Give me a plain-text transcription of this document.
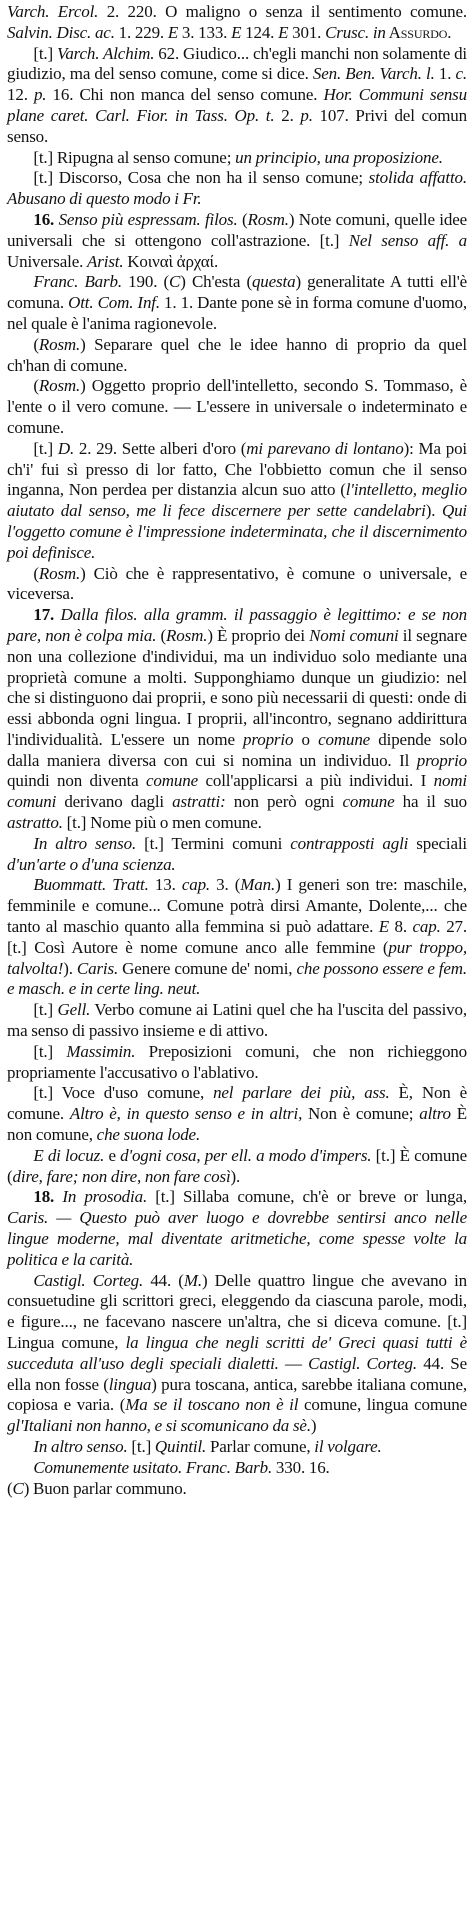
Varch. Ercol. 2. 220. O maligno o senza il sentimento comune. Salvin. Disc. ac. 1. 229. E 3. 133. E 124. E 301. Crusc. in Assurdo.

[t.] Varch. Alchim. 62. Giudico... ch'egli manchi non solamente di giudizio, ma del senso comune, come si dice. Sen. Ben. Varch. l. 1. c. 12. p. 16. Chi non manca del senso comune. Hor. Communi sensu plane caret. Carl. Fior. in Tass. Op. t. 2. p. 107. Privi del comun senso.

[t.] Ripugna al senso comune; un principio, una proposizione.

[t.] Discorso, Cosa che non ha il senso comune; stolida affatto. Abusano di questo modo i Fr.

16. Senso più espressam. filos. (Rosm.) Note comuni, quelle idee universali che si ottengono coll'astrazione. [t.] Nel senso aff. a Universale. Arist. Κοιναὶ ἀρχαί.

Franc. Barb. 190. (C) Ch'esta (questa) generalitate A tutti ell'è comuna. Ott. Com. Inf. 1. 1. Dante pone sè in forma comune d'uomo, nel quale è l'anima ragionevole.

(Rosm.) Separare quel che le idee hanno di proprio da quel ch'han di comune.

(Rosm.) Oggetto proprio dell'intelletto, secondo S. Tommaso, è l'ente o il vero comune. — L'essere in universale o indeterminato e comune.

[t.] D. 2. 29. Sette alberi d'oro (mi parevano di lontano): Ma poi ch'i' fui sì presso di lor fatto, Che l'obbietto comun che il senso inganna, Non perdea per distanzia alcun suo atto (l'intelletto, meglio aiutato dal senso, me li fece discernere per sette candelabri). Qui l'oggetto comune è l'impressione indeterminata, che il discernimento poi definisce.

(Rosm.) Ciò che è rappresentativo, è comune o universale, e viceversa.

17. Dalla filos. alla gramm. il passaggio è legittimo: e se non pare, non è colpa mia. (Rosm.) È proprio dei Nomi comuni il segnare non una collezione d'individui, ma un individuo solo mediante una proprietà comune a molti. Supponghiamo dunque un giudizio: nel che si distinguono dai proprii, e sono più necessarii di questi: onde di essi abbonda ogni lingua. I proprii, all'incontro, segnano addirittura l'individualità. L'essere un nome proprio o comune dipende solo dalla maniera diversa con cui si nomina un individuo. Il proprio quindi non diventa comune coll'applicarsi a più individui. I nomi comuni derivano dagli astratti: non però ogni comune ha il suo astratto. [t.] Nome più o men comune.

In altro senso. [t.] Termini comuni contrapposti agli speciali d'un'arte o d'una scienza.

Buommatt. Tratt. 13. cap. 3. (Man.) I generi son tre: maschile, femminile e comune... Comune potrà dirsi Amante, Dolente,... che tanto al maschio quanto alla femmina si può adattare. E 8. cap. 27. [t.] Così Autore è nome comune anco alle femmine (pur troppo, talvolta!). Caris. Genere comune de' nomi, che possono essere e fem. e masch. e in certe ling. neut.

[t.] Gell. Verbo comune ai Latini quel che ha l'uscita del passivo, ma senso di passivo insieme e di attivo.

[t.] Massimin. Preposizioni comuni, che non richieggono propriamente l'accusativo o l'ablativo.

[t.] Voce d'uso comune, nel parlare dei più, ass. È, Non è comune. Altro è, in questo senso e in altri, Non è comune; altro È non comune, che suona lode.

E di locuz. e d'ogni cosa, per ell. a modo d'impers. [t.] È comune (dire, fare; non dire, non fare così).

18. In prosodia. [t.] Sillaba comune, ch'è or breve or lunga, Caris. — Questo può aver luogo e dovrebbe sentirsi anco nelle lingue moderne, mal diventate aritmetiche, come spesse volte la politica e la carità.

Castigl. Corteg. 44. (M.) Delle quattro lingue che avevano in consuetudine gli scrittori greci, eleggendo da ciascuna parole, modi, e figure..., ne facevano nascere un'altra, che si diceva comune. [t.] Lingua comune, la lingua che negli scritti de' Greci quasi tutti è succeduta all'uso degli speciali dialetti. — Castigl. Corteg. 44. Se ella non fosse (lingua) pura toscana, antica, sarebbe italiana comune, copiosa e varia. (Ma se il toscano non è il comune, lingua comune gl'Italiani non hanno, e si scomunicano da sè.)

In altro senso. [t.] Quintil. Parlar comune, il volgare.

Comunemente usitato. Franc. Barb. 330. 16.

(C) Buon parlar communo.
